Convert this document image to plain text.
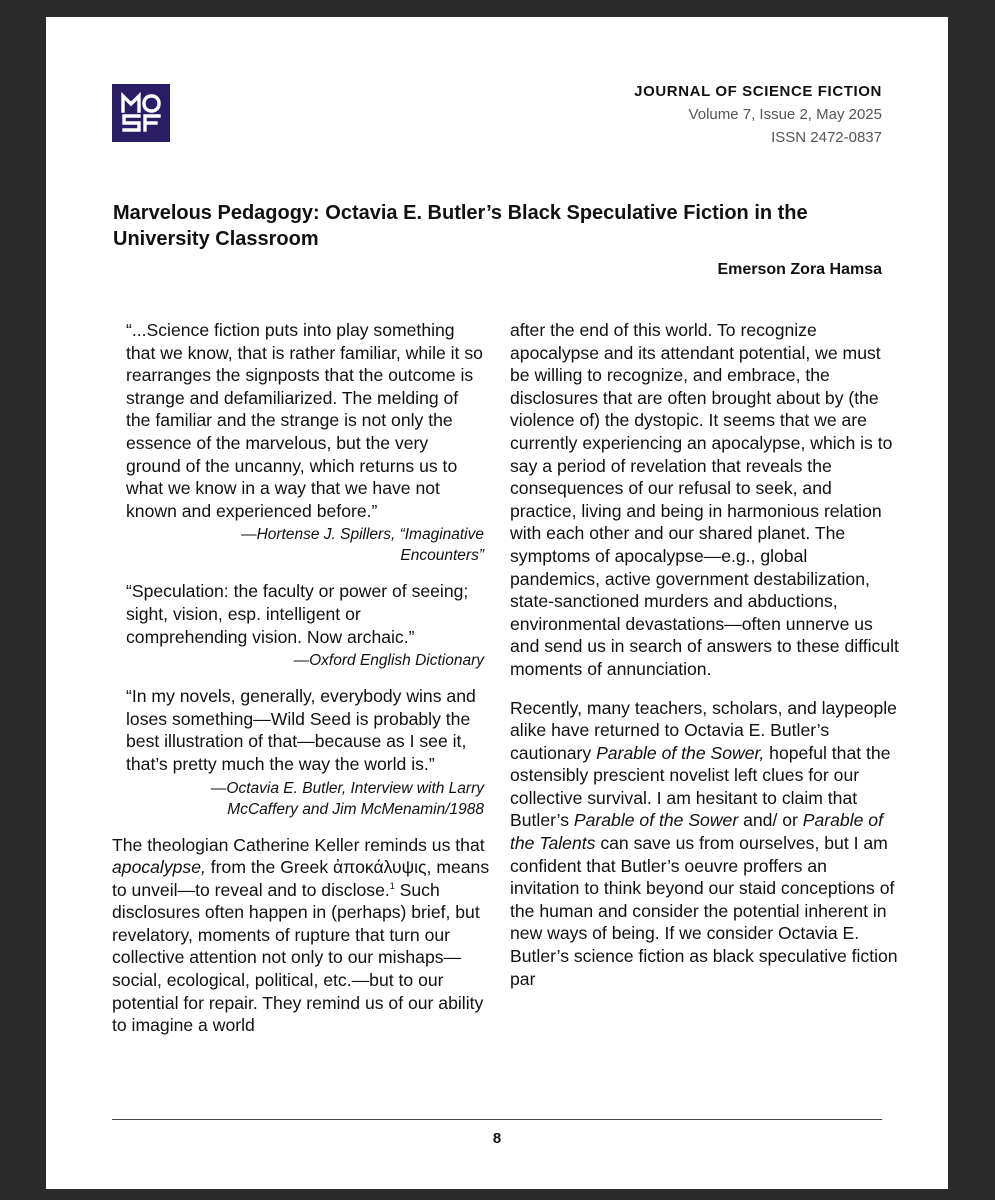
JOURNAL OF SCIENCE FICTION
Volume 7, Issue 2, May 2025
ISSN 2472-0837
Marvelous Pedagogy: Octavia E. Butler’s Black Speculative Fiction in the University Classroom
Emerson Zora Hamsa

“...Science fiction puts into play something that we know, that is rather familiar, while it so rearranges the signposts that the outcome is strange and defamiliarized. The melding of the familiar and the strange is not only the essence of the marvelous, but the very ground of the uncanny, which returns us to what we know in a way that we have not known and experienced before.”

—Hortense J. Spillers, “Imaginative Encounters”

“Speculation: the faculty or power of seeing; sight, vision, esp. intelligent or comprehending vision. Now archaic.”

—Oxford English Dictionary

“In my novels, generally, everybody wins and loses something—Wild Seed is probably the best illustration of that—because as I see it, that’s pretty much the way the world is.”

—Octavia E. Butler, Interview with Larry McCaffery and Jim McMenamin/1988

The theologian Catherine Keller reminds us that apocalypse, from the Greek ἀποκάλυψις, means to unveil—to reveal and to disclose.$^1$ Such disclosures often happen in (perhaps) brief, but revelatory, moments of rupture that turn our collective attention not only to our mishaps—social, ecological, political, etc.—but to our potential for repair. They remind us of our ability to imagine a world

after the end of this world. To recognize apocalypse and its attendant potential, we must be willing to recognize, and embrace, the disclosures that are often brought about by (the violence of) the dystopic. It seems that we are currently experiencing an apocalypse, which is to say a period of revelation that reveals the consequences of our refusal to seek, and practice, living and being in harmonious relation with each other and our shared planet. The symptoms of apocalypse—e.g., global pandemics, active government destabilization, state-sanctioned murders and abductions, environmental devastations—often unnerve us and send us in search of answers to these difficult moments of annunciation.

Recently, many teachers, scholars, and laypeople alike have returned to Octavia E. Butler’s cautionary Parable of the Sower, hopeful that the ostensibly prescient novelist left clues for our collective survival. I am hesitant to claim that Butler’s Parable of the Sower and/ or Parable of the Talents can save us from ourselves, but I am confident that Butler’s oeuvre proffers an invitation to think beyond our staid conceptions of the human and consider the potential inherent in new ways of being. If we consider Octavia E. Butler’s science fiction as black speculative fiction par

8
